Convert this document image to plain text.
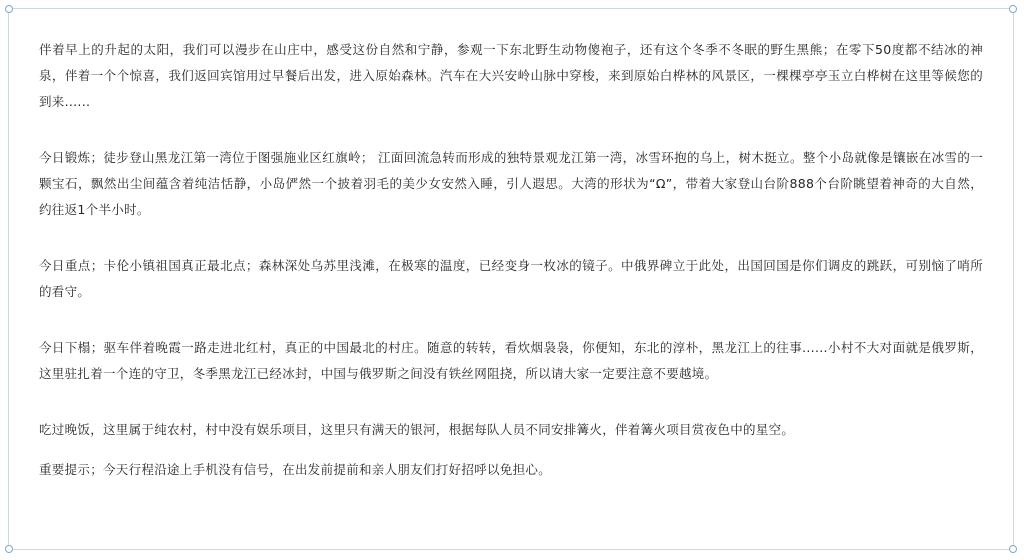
伴着早上的升起的太阳，我们可以漫步在山庄中，感受这份自然和宁静，参观一下东北野生动物傻袍子，还有这个冬季不冬眠的野生黑熊；在零下50度都不结冰的神泉，伴着一个个惊喜，我们返回宾馆用过早餐后出发，进入原始森林。汽车在大兴安岭山脉中穿梭，来到原始白桦林的风景区，一棵棵亭亭玉立白桦树在这里等候您的到来......

今日锻炼；徒步登山黑龙江第一湾位于图强施业区红旗岭； 江面回流急转而形成的独特景观龙江第一湾，冰雪环抱的乌上，树木挺立。整个小岛就像是镶嵌在冰雪的一颗宝石，飘然出尘间蕴含着纯洁恬静，小岛俨然一个披着羽毛的美少女安然入睡，引人遐思。大湾的形状为“Ω”，带着大家登山台阶888个台阶眺望着神奇的大自然，约往返1个半小时。

今日重点；卡伦小镇祖国真正最北点；森林深处乌苏里浅滩，在极寒的温度，已经变身一枚冰的镜子。中俄界碑立于此处，出国回国是你们调皮的跳跃，可别恼了哨所的看守。

今日下榻；驱车伴着晚霞一路走进北红村，真正的中国最北的村庄。随意的转转，看炊烟袅袅，你便知，东北的淳朴，黑龙江上的往事......小村不大对面就是俄罗斯，这里驻扎着一个连的守卫，冬季黑龙江已经冰封，中国与俄罗斯之间没有铁丝网阻挠，所以请大家一定要注意不要越境。

吃过晚饭，这里属于纯农村，村中没有娱乐项目，这里只有满天的银河，根据每队人员不同安排篝火，伴着篝火项目赏夜色中的星空。

重要提示；今天行程沿途上手机没有信号，在出发前提前和亲人朋友们打好招呼以免担心。
